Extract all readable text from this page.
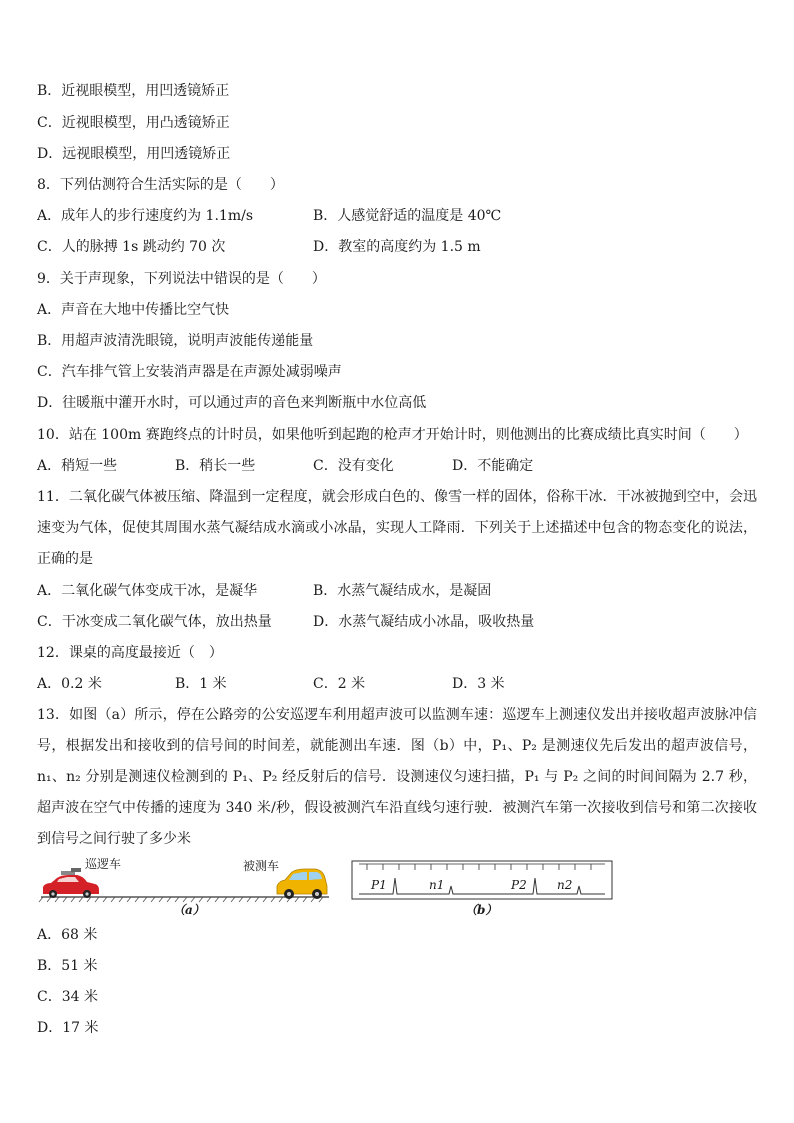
B．近视眼模型，用凹透镜矫正
C．近视眼模型，用凸透镜矫正
D．远视眼模型，用凹透镜矫正
8．下列估测符合生活实际的是（　　）
A．成年人的步行速度约为 1.1m/s	B．人感觉舒适的温度是 40℃
C．人的脉搏 1s 跳动约 70 次	D．教室的高度约为 1.5 m
9．关于声现象，下列说法中错误的是（　　）
A．声音在大地中传播比空气快
B．用超声波清洗眼镜，说明声波能传递能量
C．汽车排气管上安装消声器是在声源处减弱噪声
D．往暖瓶中灌开水时，可以通过声的音色来判断瓶中水位高低
10．站在 100m 赛跑终点的计时员，如果他听到起跑的枪声才开始计时，则他测出的比赛成绩比真实时间（　　）
A．稍短一些	B．稍长一些	C．没有变化	D．不能确定
11．二氧化碳气体被压缩、降温到一定程度，就会形成白色的、像雪一样的固体，俗称干冰．干冰被抛到空中，会迅速变为气体，促使其周围水蒸气凝结成水滴或小冰晶，实现人工降雨．下列关于上述描述中包含的物态变化的说法，正确的是
A．二氧化碳气体变成干冰，是凝华	B．水蒸气凝结成水，是凝固
C．干冰变成二氧化碳气体，放出热量	D．水蒸气凝结成小冰晶，吸收热量
12．课桌的高度最接近（　）
A．0.2 米	B．1 米	C．2 米	D．3 米
13．如图（a）所示，停在公路旁的公安巡逻车利用超声波可以监测车速：巡逻车上测速仪发出并接收超声波脉冲信号，根据发出和接收到的信号间的时间差，就能测出车速．图（b）中，P₁、P₂ 是测速仪先后发出的超声波信号，n₁、n₂ 分别是测速仪检测到的 P₁、P₂ 经反射后的信号．设测速仪匀速扫描，P₁ 与 P₂ 之间的时间间隔为 2.7 秒，超声波在空气中传播的速度为 340 米/秒，假设被测汽车沿直线匀速行驶．被测汽车第一次接收到信号和第二次接收到信号之间行驶了多少米
巡逻车	被测车
（a）
P1	n1	P2	n2
（b）
A．68 米
B．51 米
C．34 米
D．17 米
